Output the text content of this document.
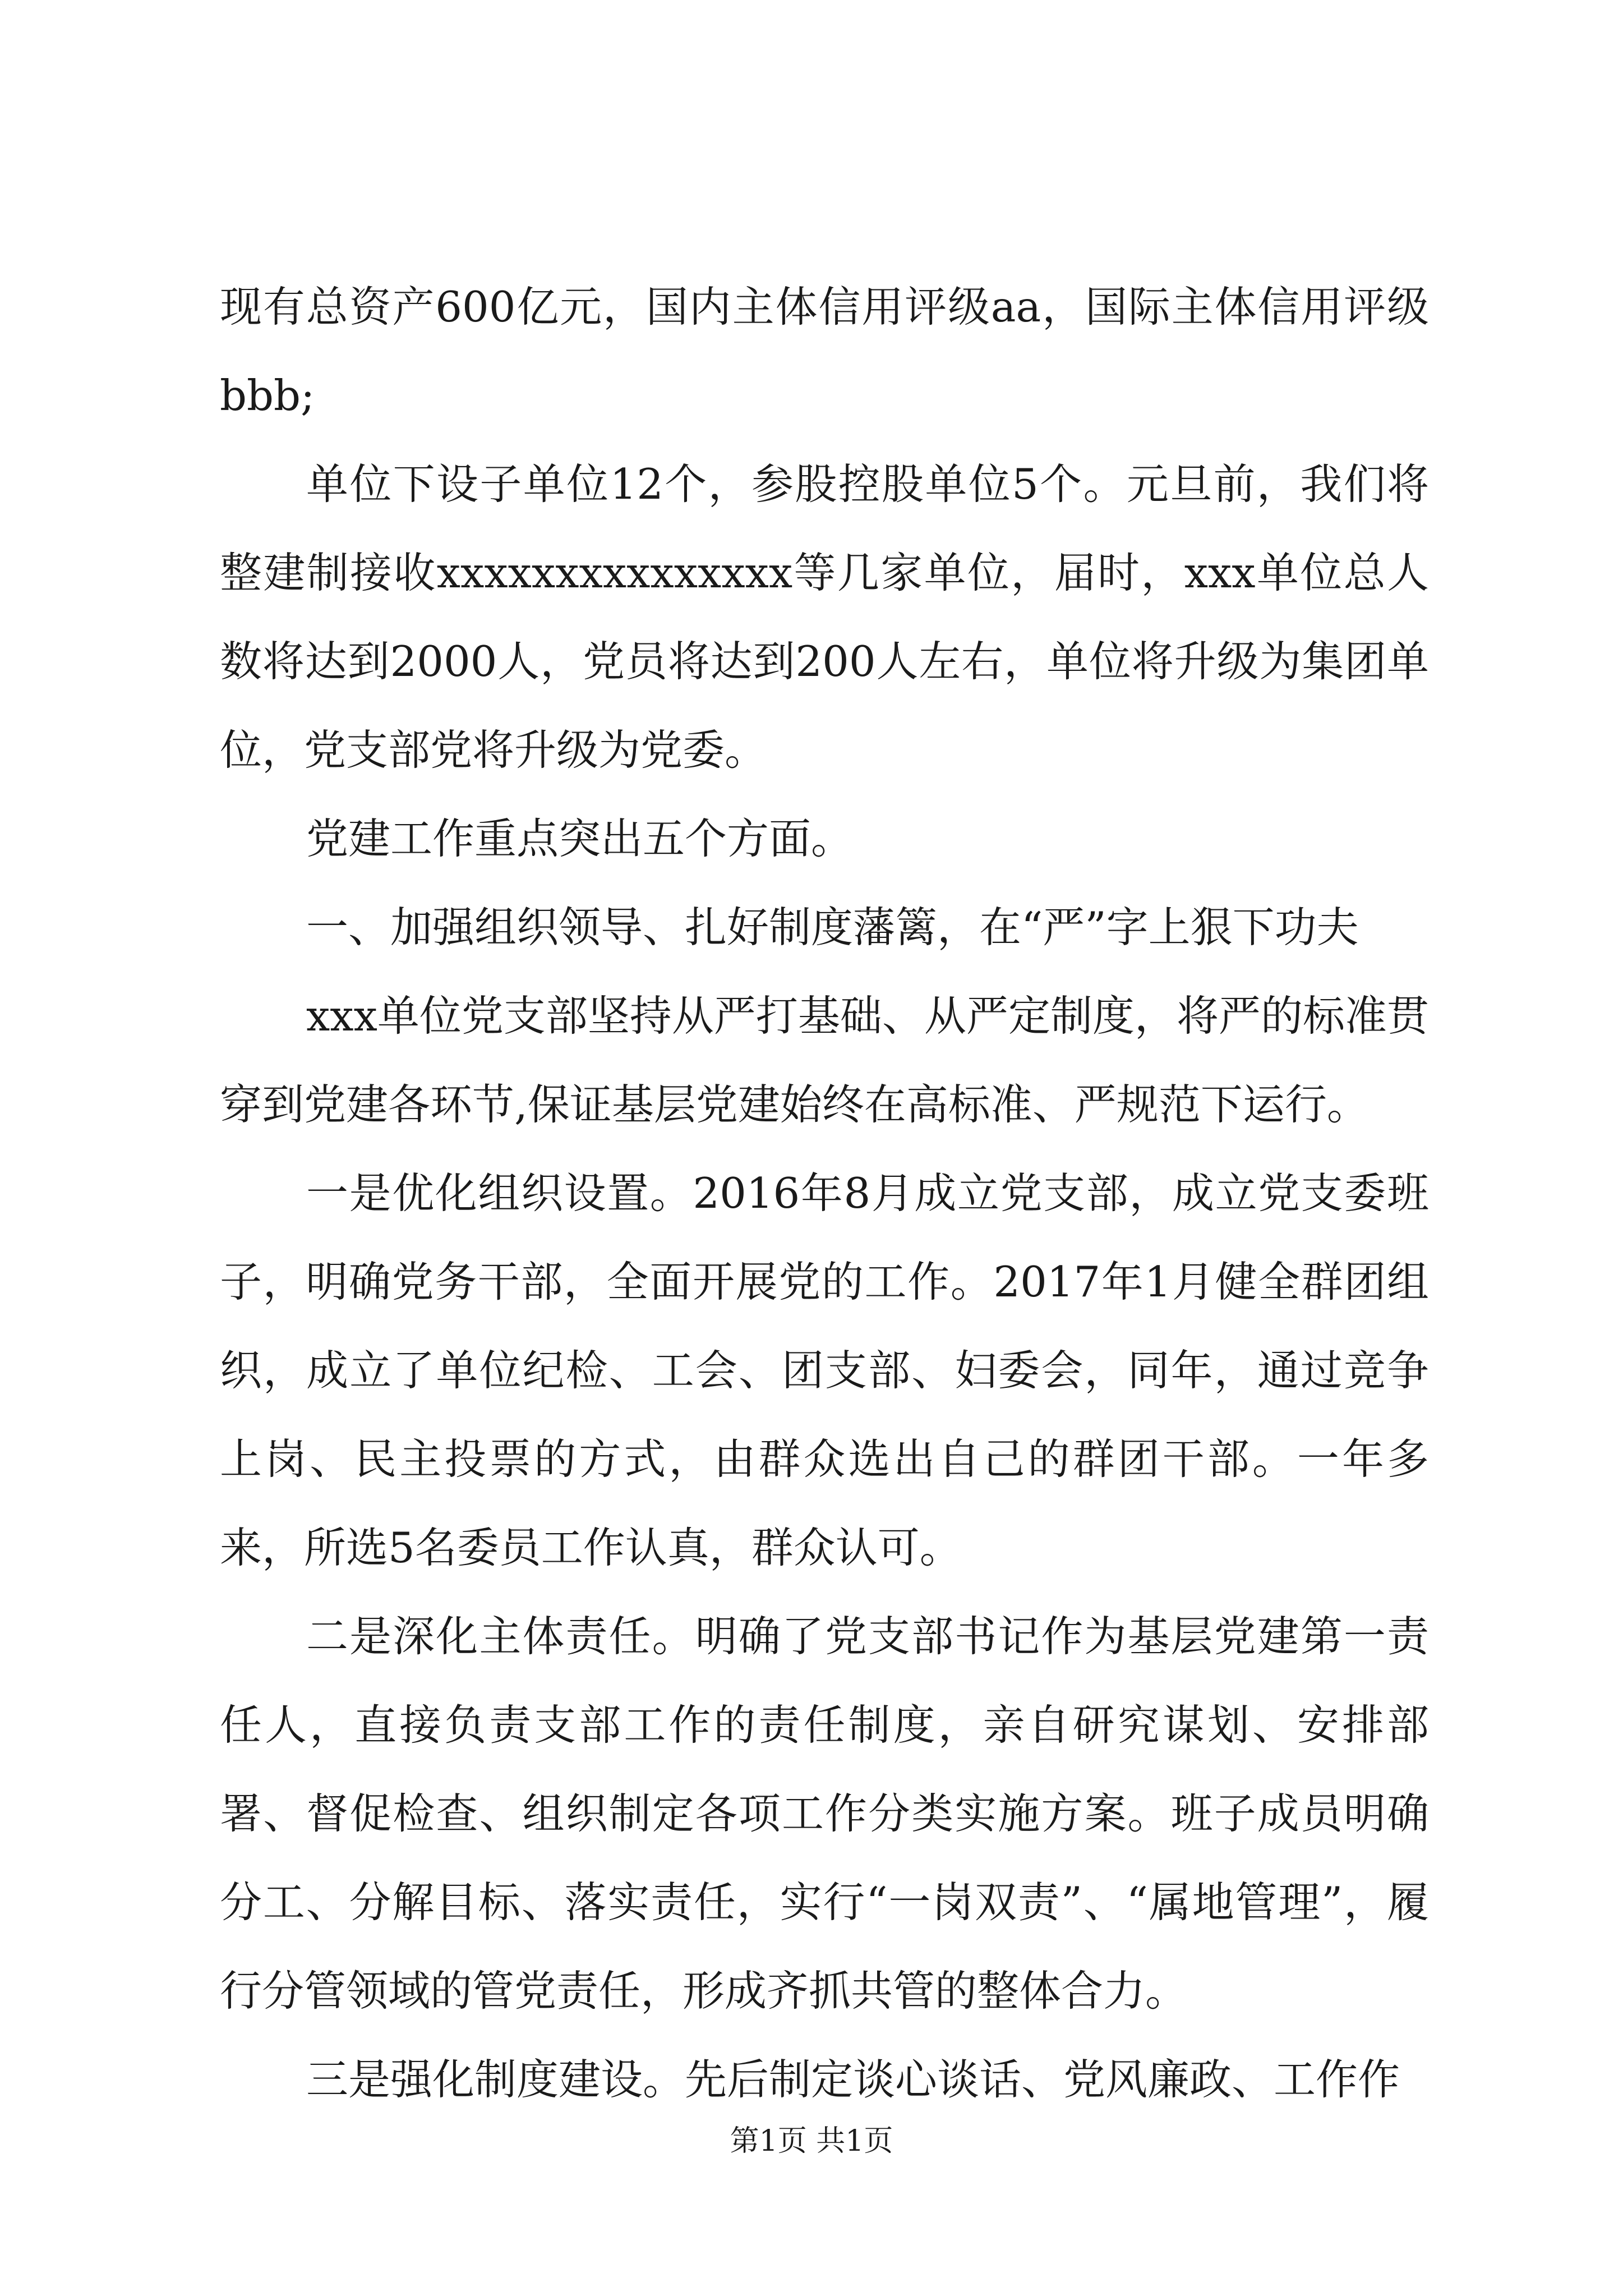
现有总资产600亿元，国内主体信用评级aa，国际主体信用评级bbb;

单位下设子单位12个，参股控股单位5个。元旦前，我们将整建制接收xxxxxxxxxxxxxxx等几家单位，届时，xxx单位总人数将达到2000人，党员将达到200人左右，单位将升级为集团单位，党支部党将升级为党委。

党建工作重点突出五个方面。

一、加强组织领导、扎好制度藩篱，在“严”字上狠下功夫

xxx单位党支部坚持从严打基础、从严定制度，将严的标准贯穿到党建各环节,保证基层党建始终在高标准、严规范下运行。

一是优化组织设置。2016年8月成立党支部，成立党支委班子，明确党务干部，全面开展党的工作。2017年1月健全群团组织，成立了单位纪检、工会、团支部、妇委会，同年，通过竞争上岗、民主投票的方式，由群众选出自己的群团干部。一年多来，所选5名委员工作认真，群众认可。

二是深化主体责任。明确了党支部书记作为基层党建第一责任人，直接负责支部工作的责任制度，亲自研究谋划、安排部署、督促检查、组织制定各项工作分类实施方案。班子成员明确分工、分解目标、落实责任，实行“一岗双责”、“属地管理”，履行分管领域的管党责任，形成齐抓共管的整体合力。

三是强化制度建设。先后制定谈心谈话、党风廉政、工作作

第1页 共1页
